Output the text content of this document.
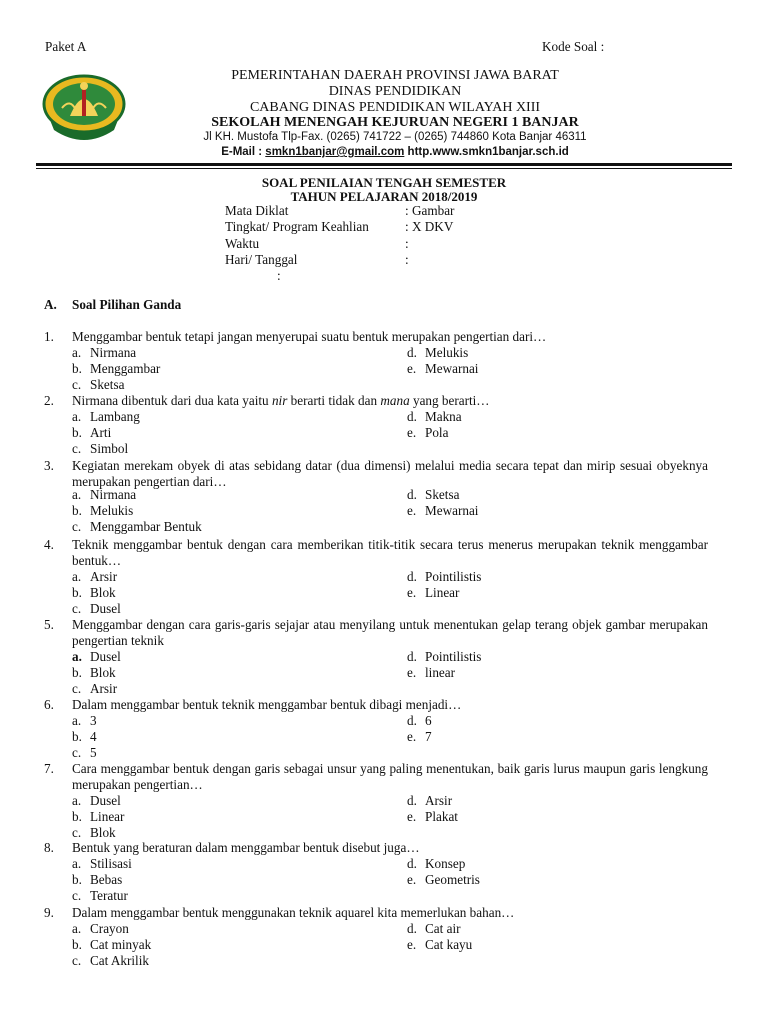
Paket A	Kode Soal :
PEMERINTAHAN DAERAH PROVINSI JAWA BARAT
DINAS PENDIDIKAN
CABANG DINAS PENDIDIKAN WILAYAH XIII
SEKOLAH MENENGAH KEJURUAN NEGERI 1 BANJAR
Jl KH. Mustofa Tlp-Fax. (0265) 741722 – (0265) 744860 Kota Banjar 46311
E-Mail : smkn1banjar@gmail.com http.www.smkn1banjar.sch.id
SOAL PENILAIAN TENGAH SEMESTER
TAHUN PELAJARAN 2018/2019
Mata Diklat	: Gambar
Tingkat/ Program Keahlian	: X DKV
Waktu	:
Hari/ Tanggal	:
:
A. Soal Pilihan Ganda
1. Menggambar bentuk tetapi jangan menyerupai suatu bentuk merupakan pengertian dari…
a. Nirmana
b. Menggambar
c. Sketsa
d. Melukis
e. Mewarnai
2. Nirmana dibentuk dari dua kata yaitu nir berarti tidak dan mana yang berarti…
a. Lambang
b. Arti
c. Simbol
d. Makna
e. Pola
3. Kegiatan merekam obyek di atas sebidang datar (dua dimensi) melalui media secara tepat dan mirip sesuai obyeknya merupakan pengertian dari…
a. Nirmana
b. Melukis
c. Menggambar Bentuk
d. Sketsa
e. Mewarnai
4. Teknik menggambar bentuk dengan cara memberikan titik-titik secara terus menerus merupakan teknik menggambar bentuk…
a. Arsir
b. Blok
c. Dusel
d. Pointilistis
e. Linear
5. Menggambar dengan cara garis-garis sejajar atau menyilang untuk menentukan gelap terang objek gambar merupakan pengertian teknik
a. Dusel
b. Blok
c. Arsir
d. Pointilistis
e. linear
6. Dalam menggambar bentuk teknik menggambar bentuk dibagi menjadi…
a. 3
b. 4
c. 5
d. 6
e. 7
7. Cara menggambar bentuk dengan garis sebagai unsur yang paling menentukan, baik garis lurus maupun garis lengkung merupakan pengertian…
a. Dusel
b. Linear
c. Blok
d. Arsir
e. Plakat
8. Bentuk yang beraturan dalam menggambar bentuk disebut juga…
a. Stilisasi
b. Bebas
c. Teratur
d. Konsep
e. Geometris
9. Dalam menggambar bentuk menggunakan teknik aquarel kita memerlukan bahan…
a. Crayon
b. Cat minyak
c. Cat Akrilik
d. Cat air
e. Cat kayu
